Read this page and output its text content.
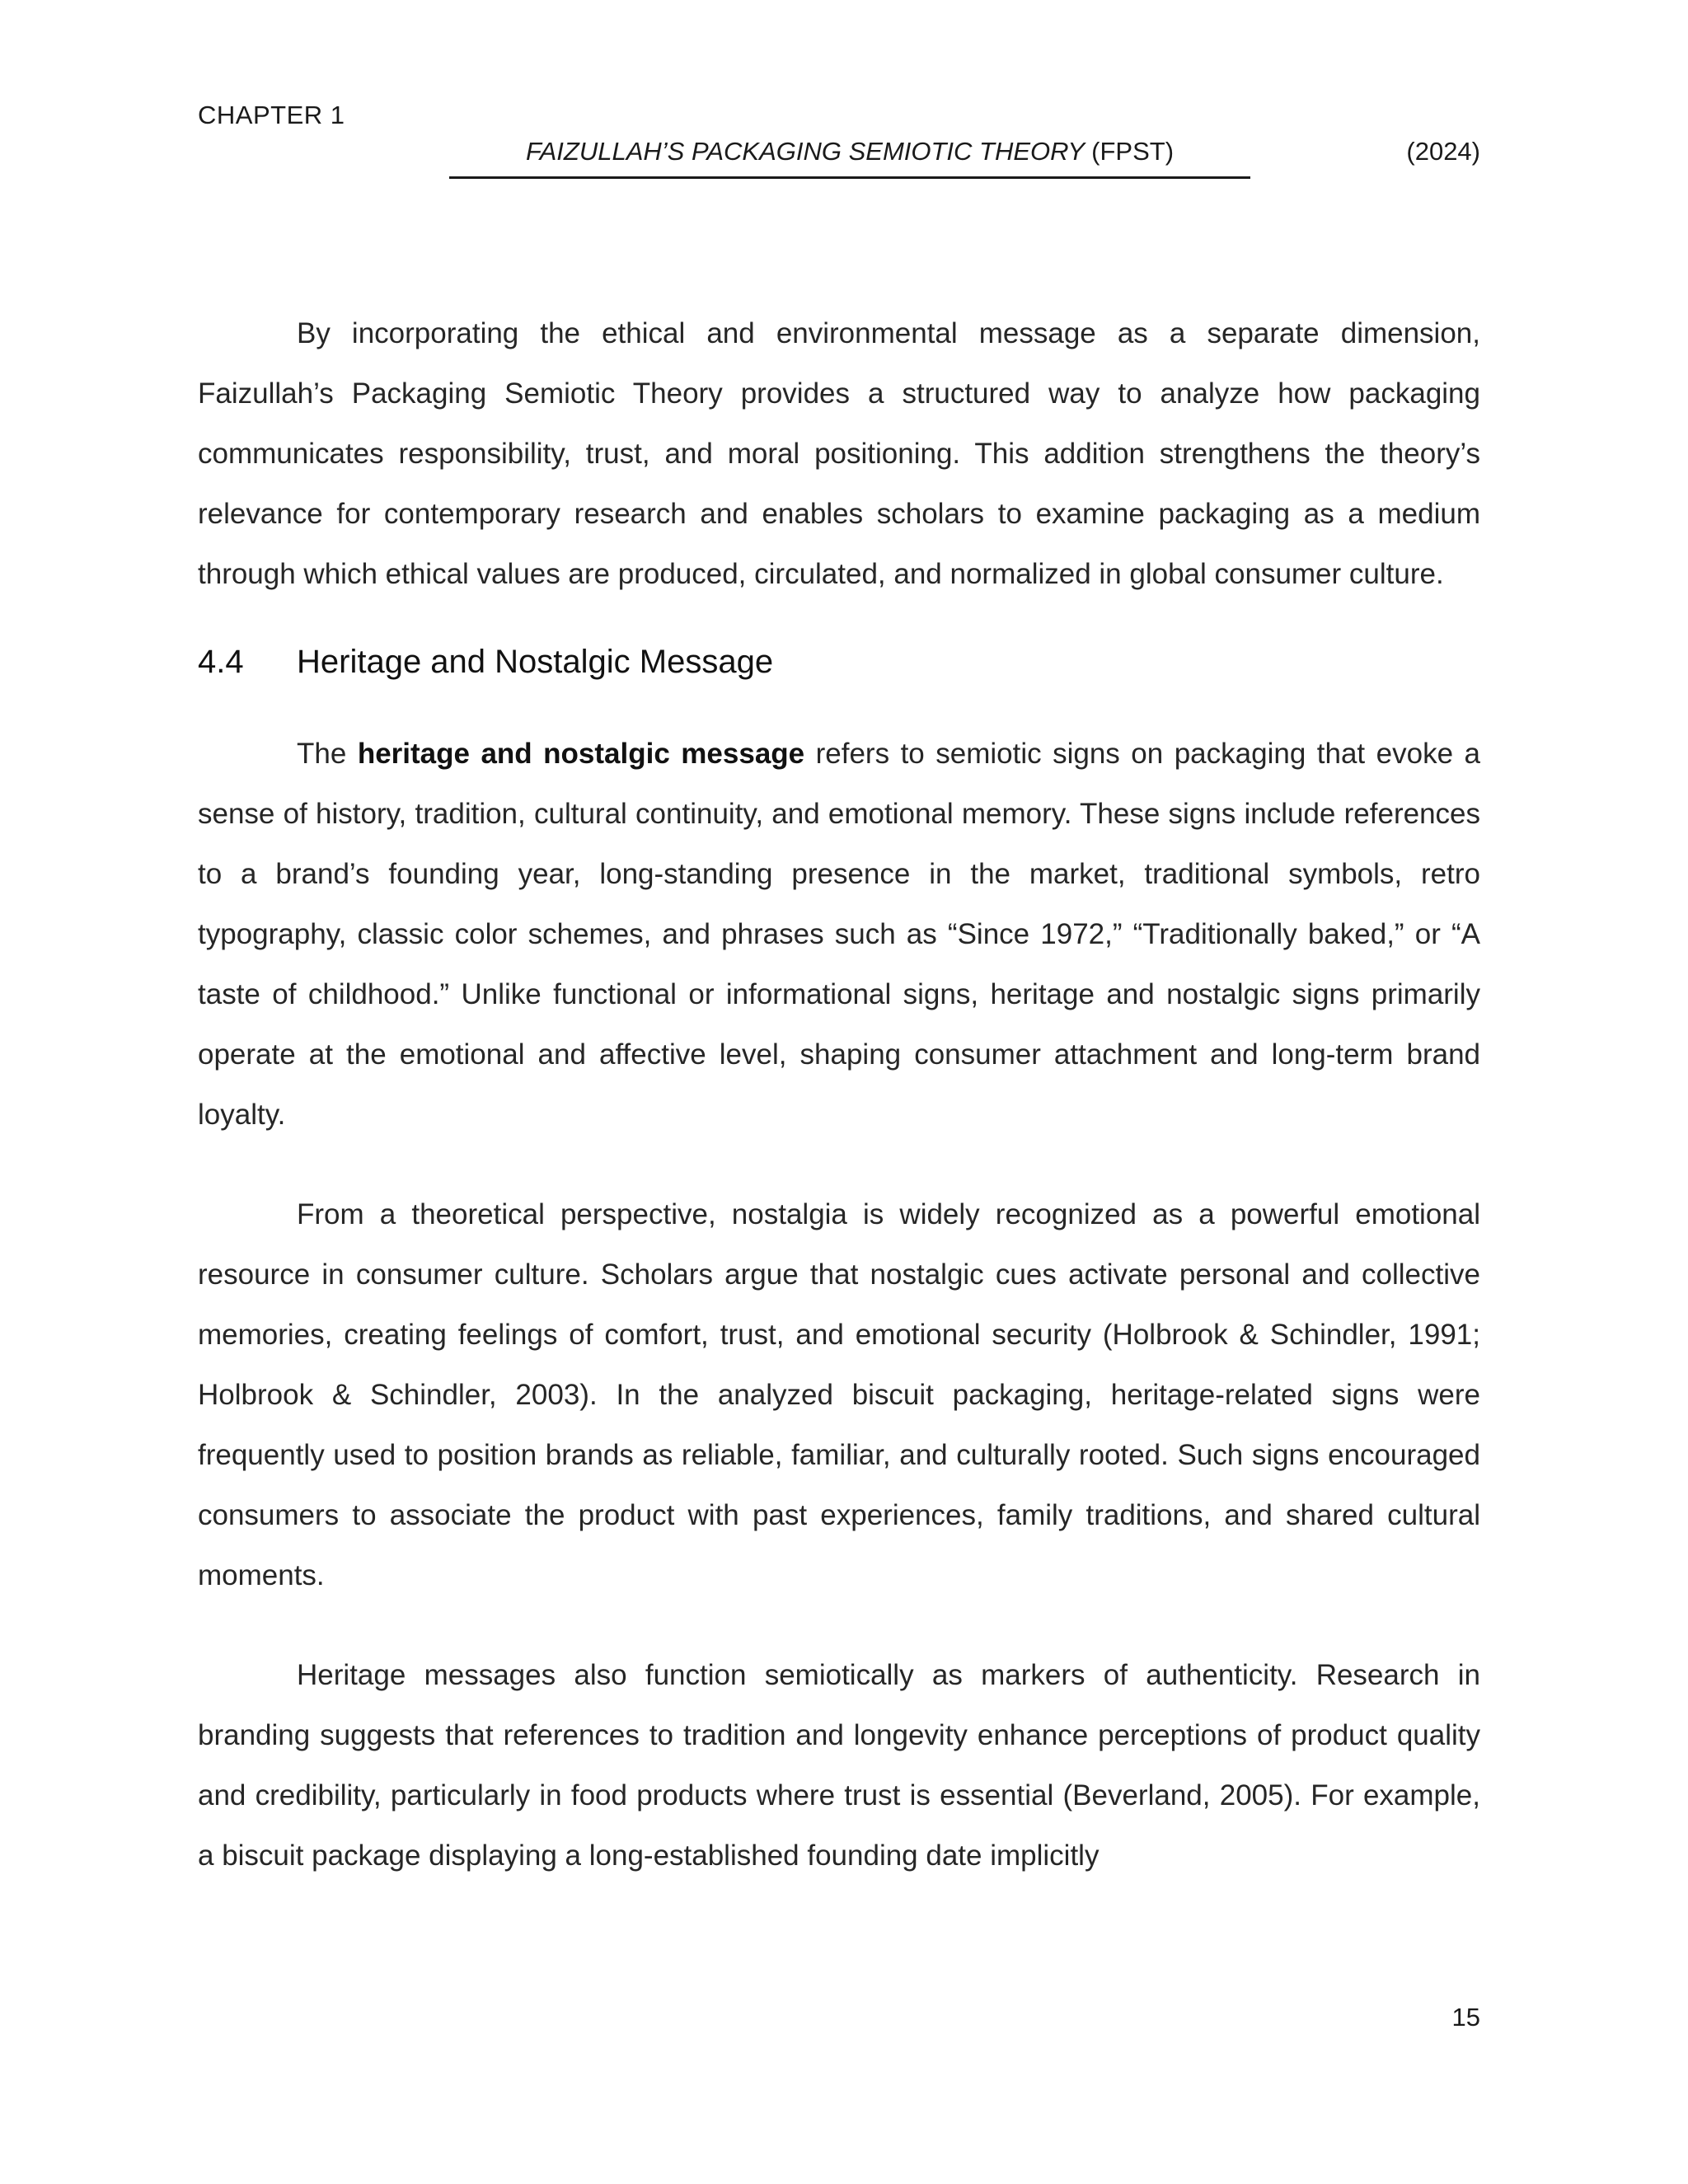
CHAPTER 1
FAIZULLAH’S PACKAGING SEMIOTIC THEORY (FPST)	(2024)

By incorporating the ethical and environmental message as a separate dimension, Faizullah’s Packaging Semiotic Theory provides a structured way to analyze how packaging communicates responsibility, trust, and moral positioning. This addition strengthens the theory’s relevance for contemporary research and enables scholars to examine packaging as a medium through which ethical values are produced, circulated, and normalized in global consumer culture.

4.4	Heritage and Nostalgic Message

The heritage and nostalgic message refers to semiotic signs on packaging that evoke a sense of history, tradition, cultural continuity, and emotional memory. These signs include references to a brand’s founding year, long-standing presence in the market, traditional symbols, retro typography, classic color schemes, and phrases such as “Since 1972,” “Traditionally baked,” or “A taste of childhood.” Unlike functional or informational signs, heritage and nostalgic signs primarily operate at the emotional and affective level, shaping consumer attachment and long-term brand loyalty.

From a theoretical perspective, nostalgia is widely recognized as a powerful emotional resource in consumer culture. Scholars argue that nostalgic cues activate personal and collective memories, creating feelings of comfort, trust, and emotional security (Holbrook & Schindler, 1991; Holbrook & Schindler, 2003). In the analyzed biscuit packaging, heritage-related signs were frequently used to position brands as reliable, familiar, and culturally rooted. Such signs encouraged consumers to associate the product with past experiences, family traditions, and shared cultural moments.

Heritage messages also function semiotically as markers of authenticity. Research in branding suggests that references to tradition and longevity enhance perceptions of product quality and credibility, particularly in food products where trust is essential (Beverland, 2005). For example, a biscuit package displaying a long-established founding date implicitly

15
